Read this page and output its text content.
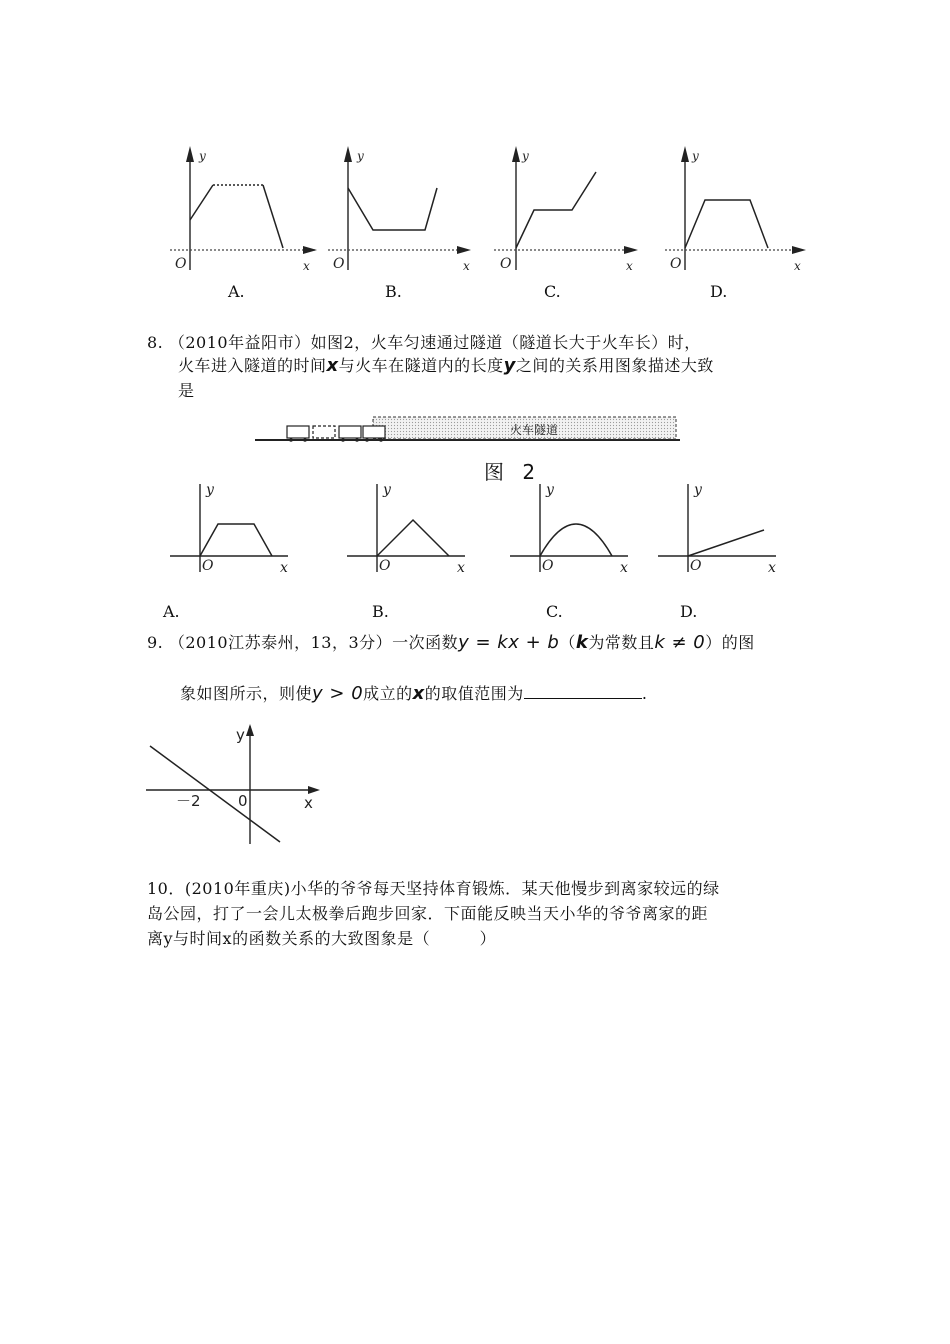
y
x
O
y
x
O
y
x
O
y
x
O
A.	B.	C.	D.
8. （2010年益阳市）如图2，火车匀速通过隧道（隧道长大于火车长）时，
火车进入隧道的时间x与火车在隧道内的长度y之间的关系用图象描述大致
是
火车隧道
图 2
y
x
O
y
x
O
y
x
O
y
x
O
A.	B.	C.	D.
9. （2010江苏泰州，13，3分）一次函数y = kx + b（k为常数且k ≠ 0）的图
象如图所示，则使y > 0成立的x的取值范围为	.
y
x
0
－2
10．(2010年重庆)小华的爷爷每天坚持体育锻炼．某天他慢步到离家较远的绿
岛公园，打了一会儿太极拳后跑步回家．下面能反映当天小华的爷爷离家的距
离y与时间x的函数关系的大致图象是（　　　）
